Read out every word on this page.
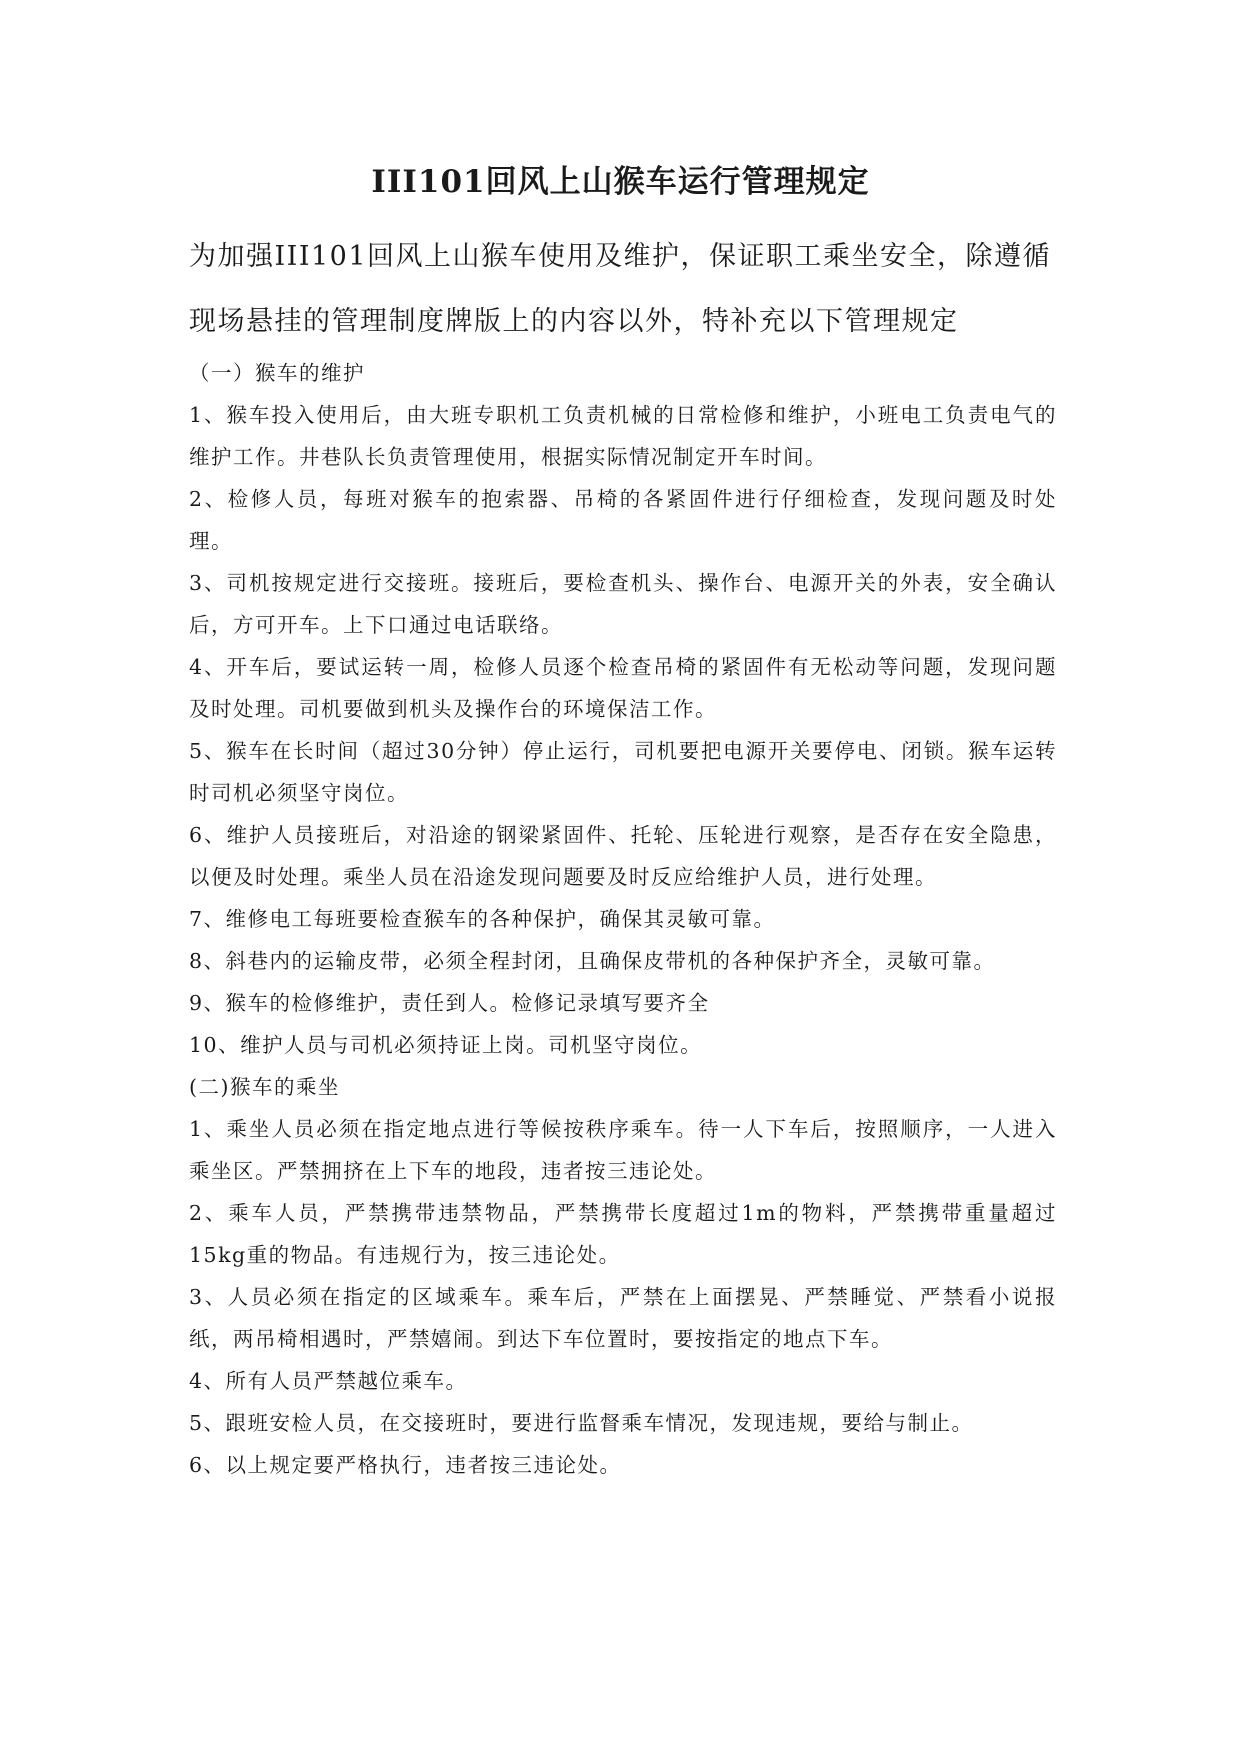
III101回风上山猴车运行管理规定

为加强III101回风上山猴车使用及维护，保证职工乘坐安全，除遵循现场悬挂的管理制度牌版上的内容以外，特补充以下管理规定

（一）猴车的维护

1、猴车投入使用后，由大班专职机工负责机械的日常检修和维护，小班电工负责电气的维护工作。井巷队长负责管理使用，根据实际情况制定开车时间。

2、检修人员，每班对猴车的抱索器、吊椅的各紧固件进行仔细检查，发现问题及时处理。

3、司机按规定进行交接班。接班后，要检查机头、操作台、电源开关的外表，安全确认后，方可开车。上下口通过电话联络。

4、开车后，要试运转一周，检修人员逐个检查吊椅的紧固件有无松动等问题，发现问题及时处理。司机要做到机头及操作台的环境保洁工作。

5、猴车在长时间（超过30分钟）停止运行，司机要把电源开关要停电、闭锁。猴车运转时司机必须坚守岗位。

6、维护人员接班后，对沿途的钢梁紧固件、托轮、压轮进行观察，是否存在安全隐患，以便及时处理。乘坐人员在沿途发现问题要及时反应给维护人员，进行处理。

7、维修电工每班要检查猴车的各种保护，确保其灵敏可靠。

8、斜巷内的运输皮带，必须全程封闭，且确保皮带机的各种保护齐全，灵敏可靠。

9、猴车的检修维护，责任到人。检修记录填写要齐全

10、维护人员与司机必须持证上岗。司机坚守岗位。

(二)猴车的乘坐

1、乘坐人员必须在指定地点进行等候按秩序乘车。待一人下车后，按照顺序，一人进入乘坐区。严禁拥挤在上下车的地段，违者按三违论处。

2、乘车人员，严禁携带违禁物品，严禁携带长度超过1m的物料，严禁携带重量超过15kg重的物品。有违规行为，按三违论处。

3、人员必须在指定的区域乘车。乘车后，严禁在上面摆晃、严禁睡觉、严禁看小说报纸，两吊椅相遇时，严禁嬉闹。到达下车位置时，要按指定的地点下车。

4、所有人员严禁越位乘车。

5、跟班安检人员，在交接班时，要进行监督乘车情况，发现违规，要给与制止。

6、以上规定要严格执行，违者按三违论处。
